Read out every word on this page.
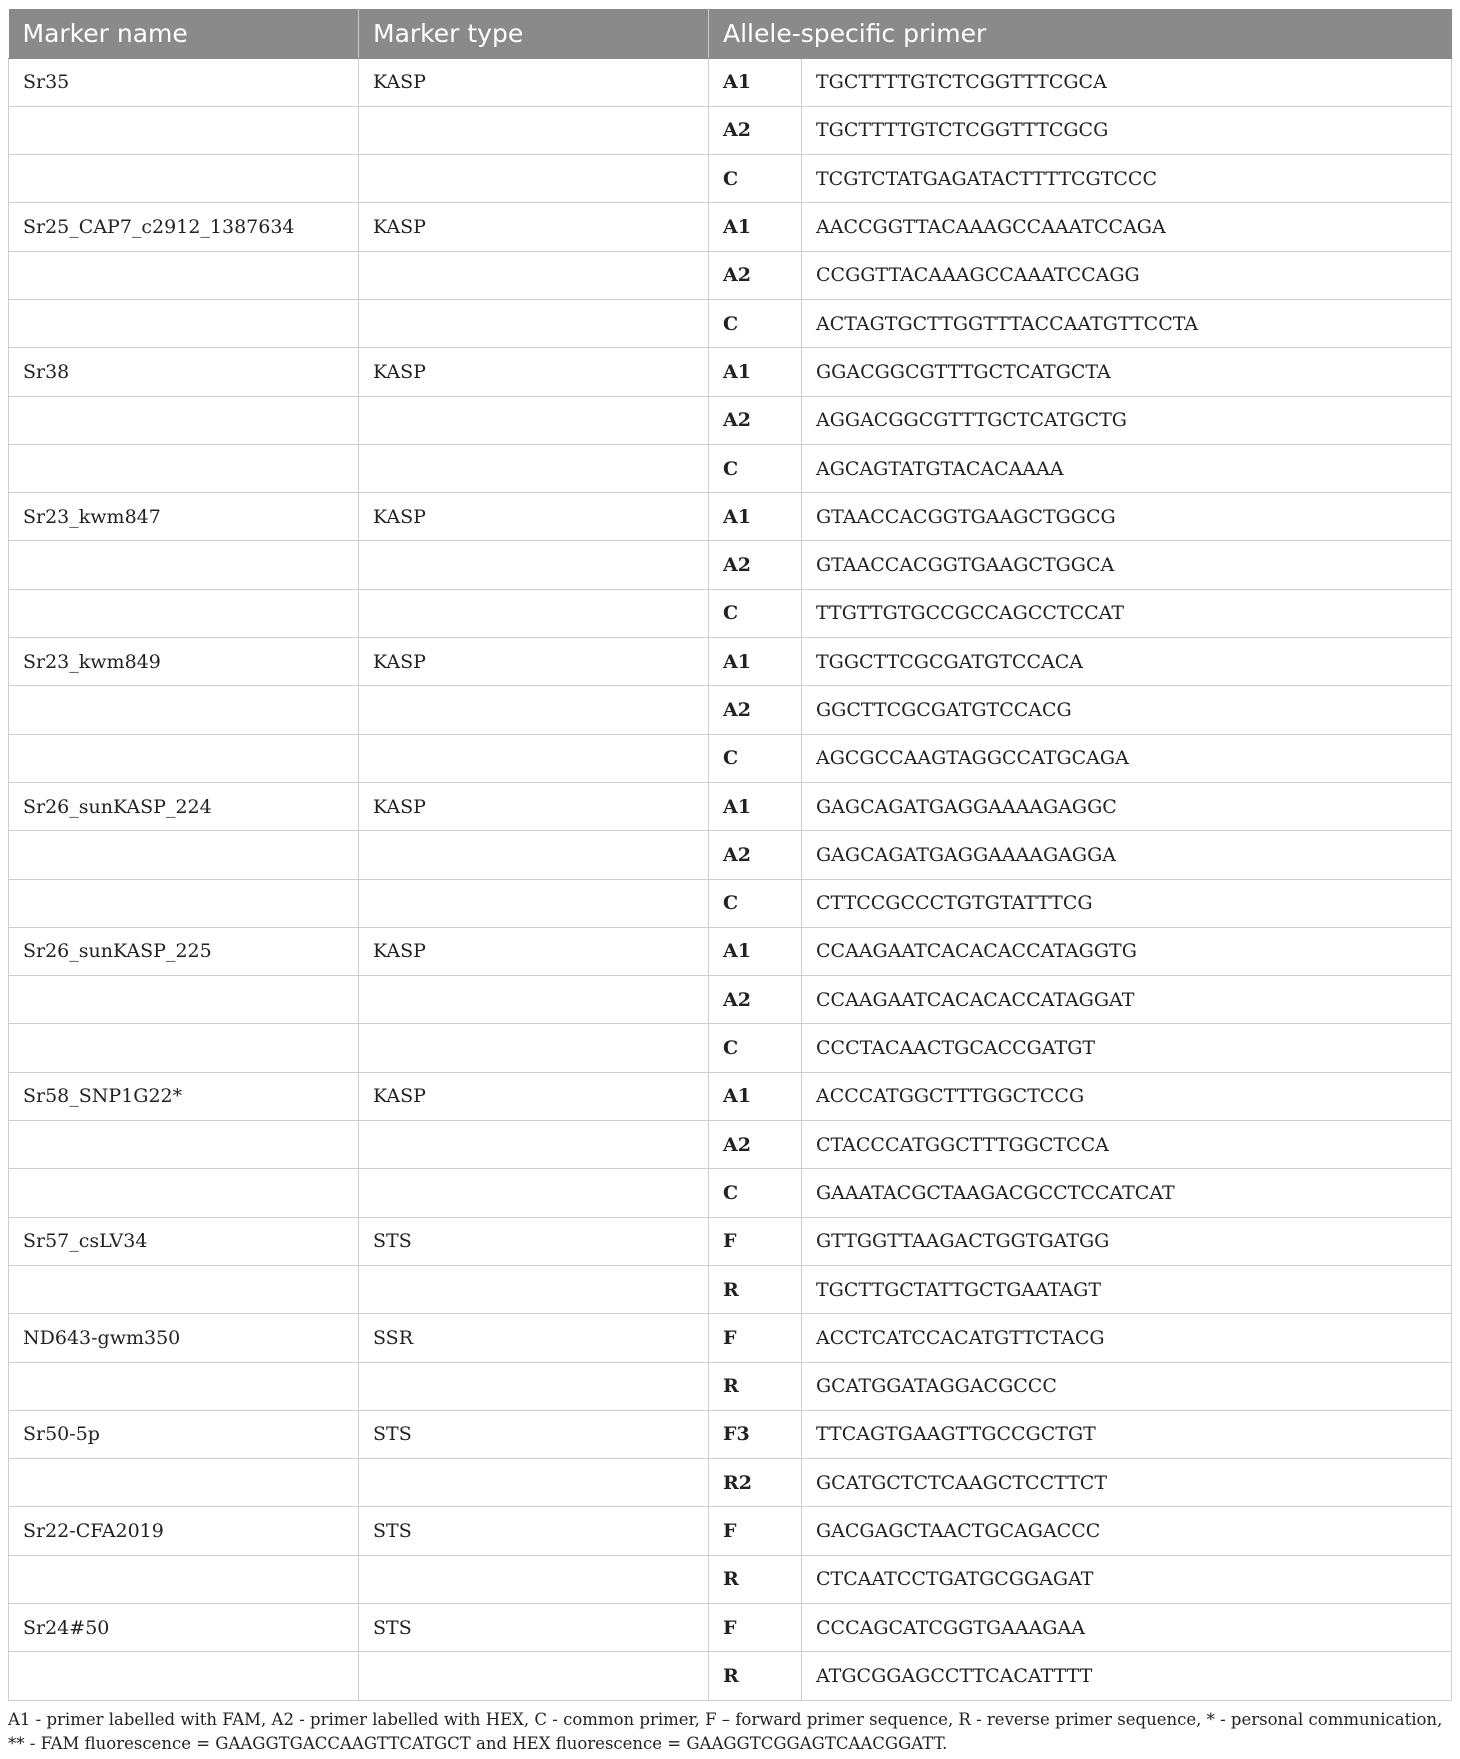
Marker name	Marker type	Allele-specific primer	
Sr35	KASP	A1	TGCTTTTGTCTCGGTTTCGCA
		A2	TGCTTTTGTCTCGGTTTCGCG
		C	TCGTCTATGAGATACTTTTCGTCCC
Sr25_CAP7_c2912_1387634	KASP	A1	AACCGGTTACAAAGCCAAATCCAGA
		A2	CCGGTTACAAAGCCAAATCCAGG
		C	ACTAGTGCTTGGTTTACCAATGTTCCTA
Sr38	KASP	A1	GGACGGCGTTTGCTCATGCTA
		A2	AGGACGGCGTTTGCTCATGCTG
		C	AGCAGTATGTACACAAAA
Sr23_kwm847	KASP	A1	GTAACCACGGTGAAGCTGGCG
		A2	GTAACCACGGTGAAGCTGGCA
		C	TTGTTGTGCCGCCAGCCTCCAT
Sr23_kwm849	KASP	A1	TGGCTTCGCGATGTCCACA
		A2	GGCTTCGCGATGTCCACG
		C	AGCGCCAAGTAGGCCATGCAGA
Sr26_sunKASP_224	KASP	A1	GAGCAGATGAGGAAAAGAGGC
		A2	GAGCAGATGAGGAAAAGAGGA
		C	CTTCCGCCCTGTGTATTTCG
Sr26_sunKASP_225	KASP	A1	CCAAGAATCACACACCATAGGTG
		A2	CCAAGAATCACACACCATAGGAT
		C	CCCTACAACTGCACCGATGT
Sr58_SNP1G22*	KASP	A1	ACCCATGGCTTTGGCTCCG
		A2	CTACCCATGGCTTTGGCTCCA
		C	GAAATACGCTAAGACGCCTCCATCAT
Sr57_csLV34	STS	F	GTTGGTTAAGACTGGTGATGG
		R	TGCTTGCTATTGCTGAATAGT
ND643-gwm350	SSR	F	ACCTCATCCACATGTTCTACG
		R	GCATGGATAGGACGCCC
Sr50-5p	STS	F3	TTCAGTGAAGTTGCCGCTGT
		R2	GCATGCTCTCAAGCTCCTTCT
Sr22-CFA2019	STS	F	GACGAGCTAACTGCAGACCC
		R	CTCAATCCTGATGCGGAGAT
Sr24#50	STS	F	CCCAGCATCGGTGAAAGAA
		R	ATGCGGAGCCTTCACATTTT
A1 - primer labelled with FAM, A2 - primer labelled with HEX, C - common primer, F – forward primer sequence, R - reverse primer sequence, * - personal communication, ** - FAM fluorescence = GAAGGTGACCAAGTTCATGCT and HEX fluorescence = GAAGGTCGGAGTCAACGGATT.
